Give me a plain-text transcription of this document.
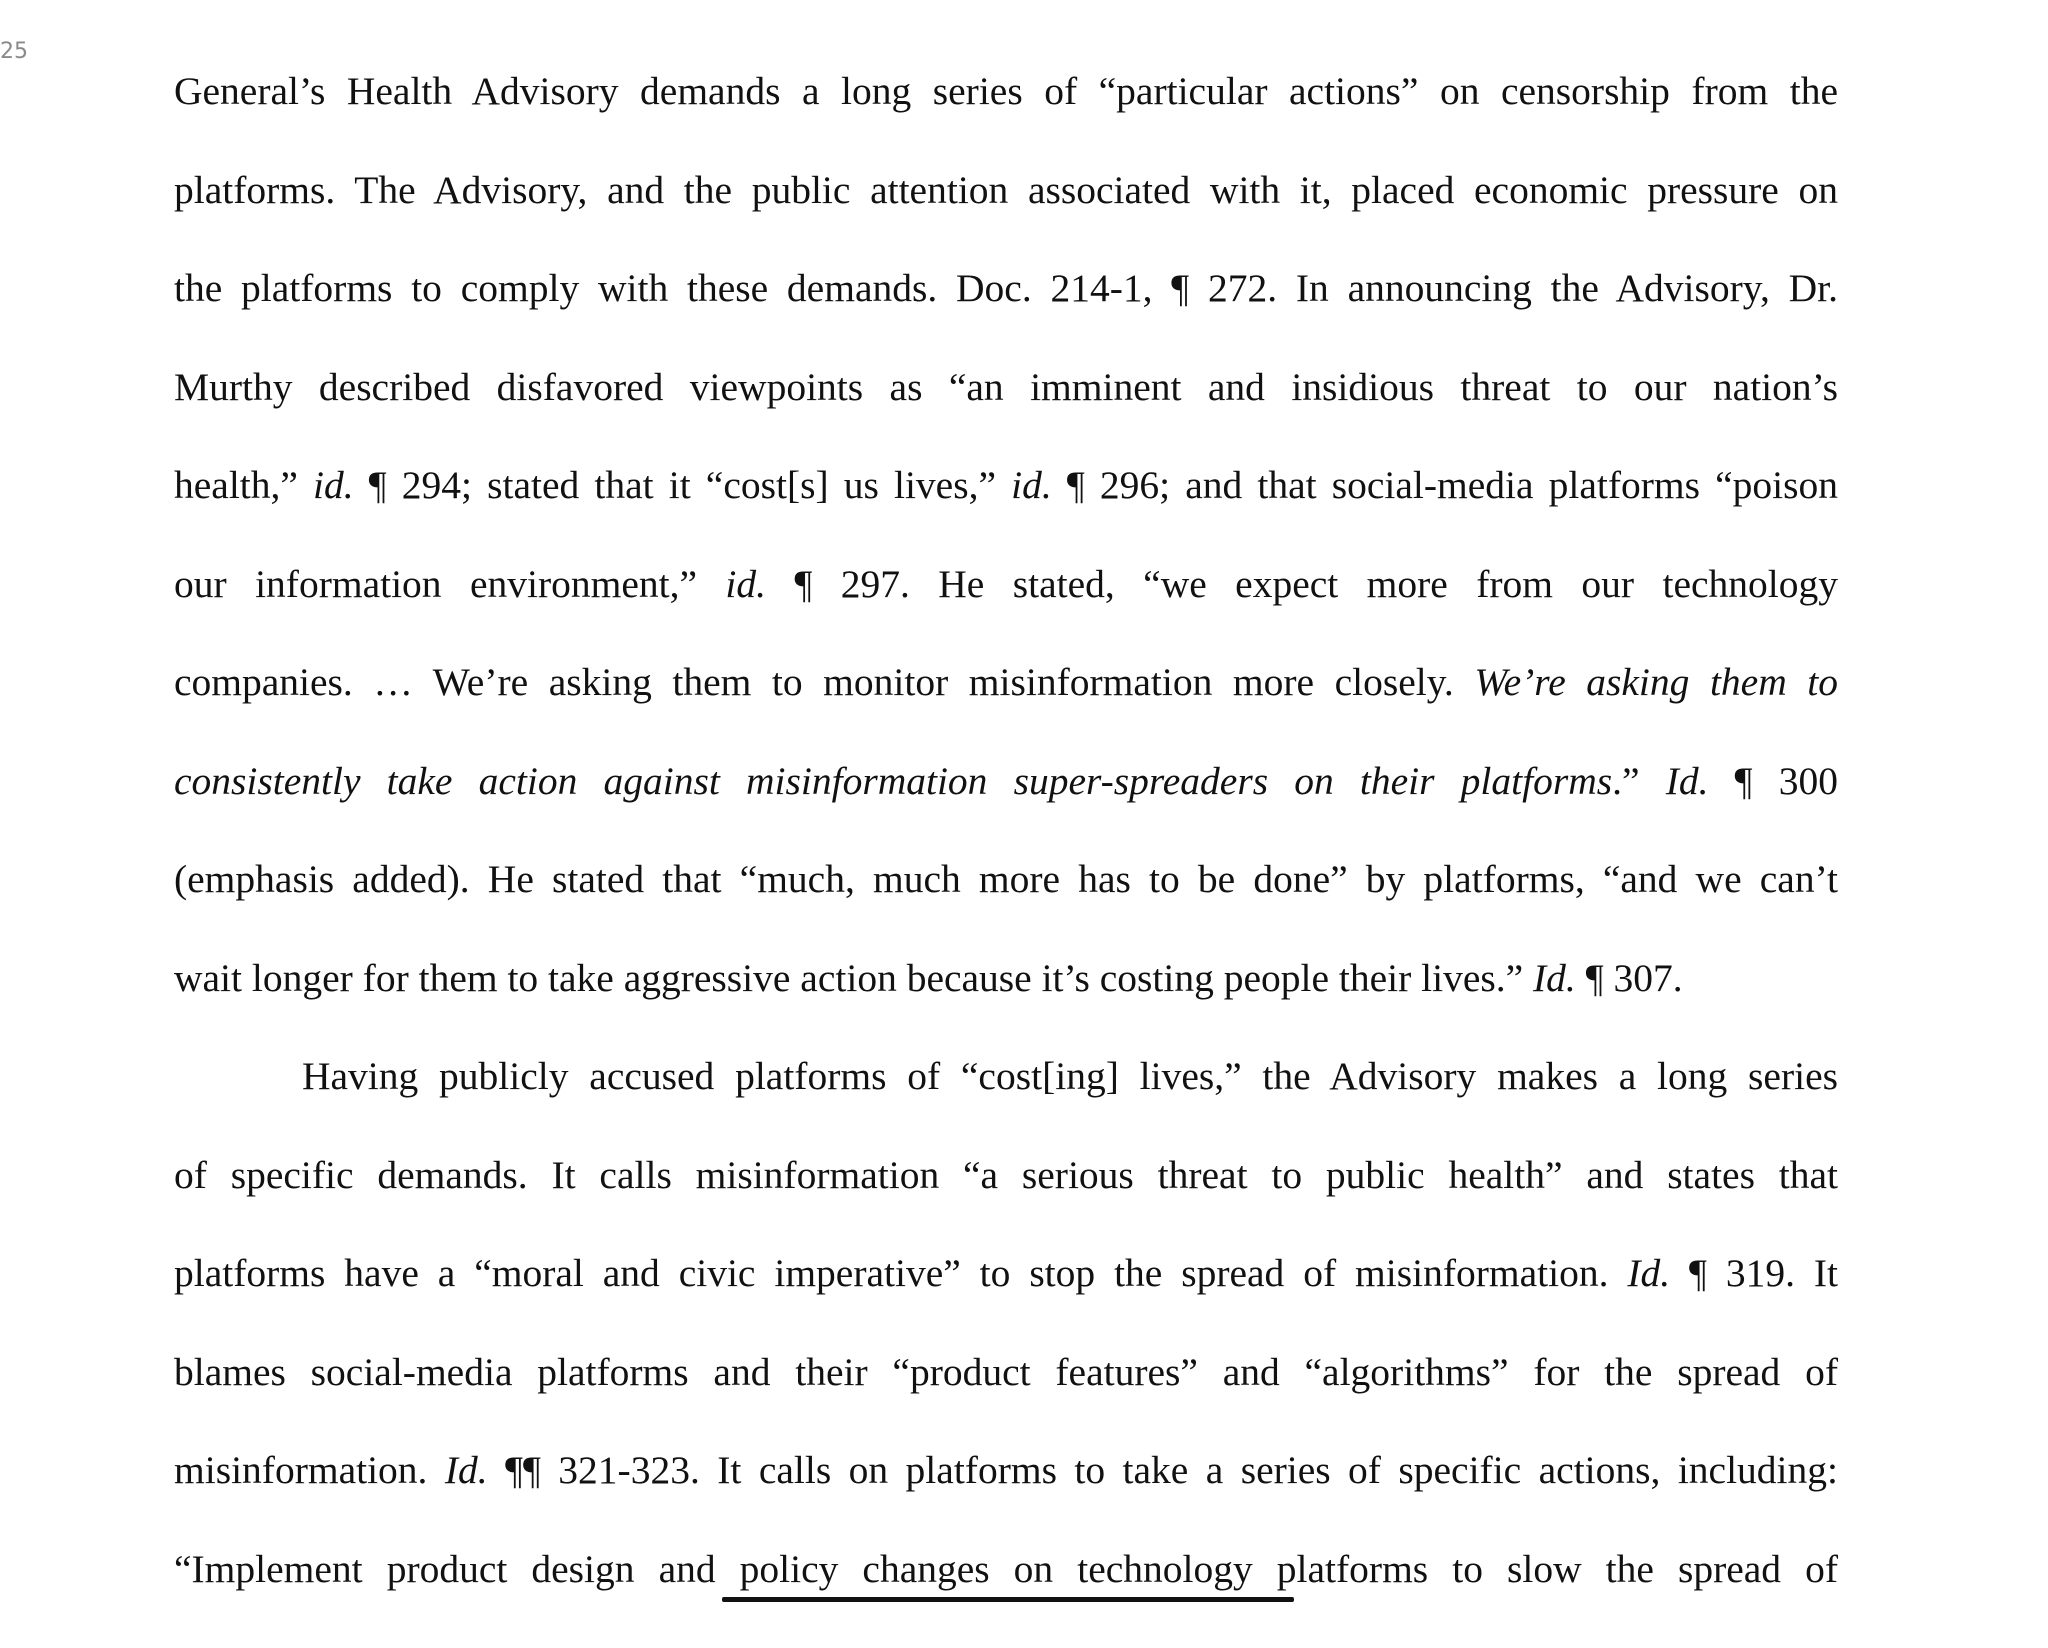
25
General’s Health Advisory demands a long series of “particular actions” on censorship from the
platforms. The Advisory, and the public attention associated with it, placed economic pressure on
the platforms to comply with these demands. Doc. 214-1, ¶ 272. In announcing the Advisory, Dr.
Murthy described disfavored viewpoints as “an imminent and insidious threat to our nation’s
health,” id. ¶ 294; stated that it “cost[s] us lives,” id. ¶ 296; and that social-media platforms “poison
our information environment,” id. ¶ 297. He stated, “we expect more from our technology
companies. … We’re asking them to monitor misinformation more closely. We’re asking them to
consistently take action against misinformation super-spreaders on their platforms.” Id. ¶ 300
(emphasis added). He stated that “much, much more has to be done” by platforms, “and we can’t
wait longer for them to take aggressive action because it’s costing people their lives.” Id. ¶ 307.
Having publicly accused platforms of “cost[ing] lives,” the Advisory makes a long series
of specific demands. It calls misinformation “a serious threat to public health” and states that
platforms have a “moral and civic imperative” to stop the spread of misinformation. Id. ¶ 319. It
blames social-media platforms and their “product features” and “algorithms” for the spread of
misinformation. Id. ¶¶ 321-323. It calls on platforms to take a series of specific actions, including:
“Implement product design and policy changes on technology platforms to slow the spread of
